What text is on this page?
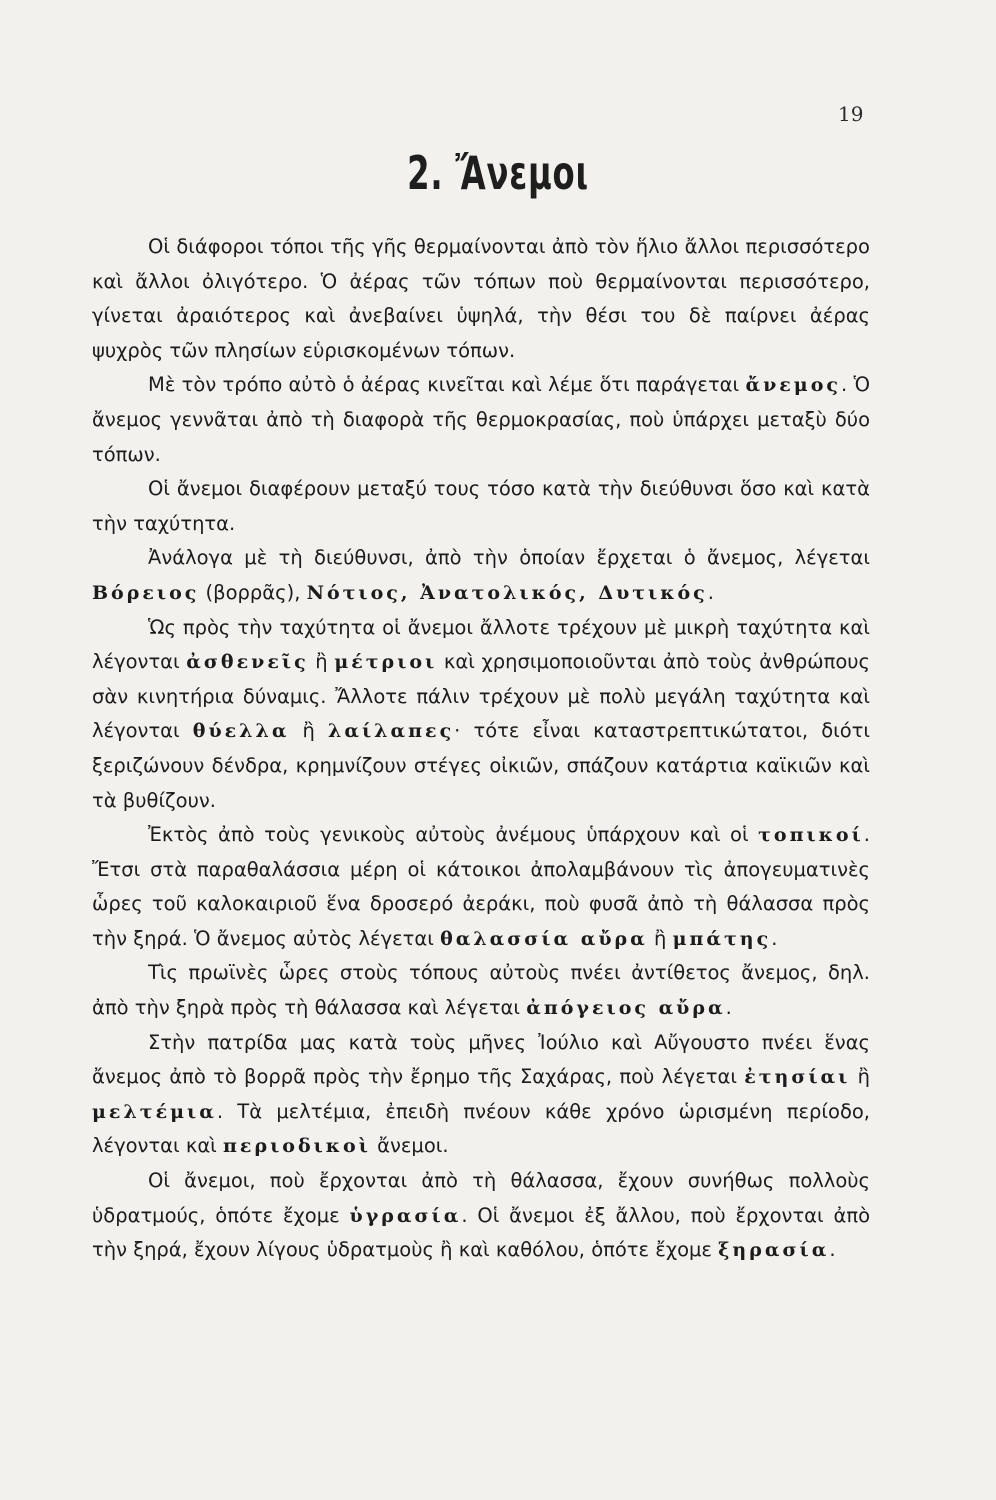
19
2. Ἄνεμοι

Οἱ διάφοροι τόποι τῆς γῆς θερμαίνονται ἀπὸ τὸν ἥλιο ἄλλοι περισσότερο καὶ ἄλλοι ὀλιγότερο. Ὁ ἀέρας τῶν τόπων ποὺ θερμαίνονται περισσότερο, γίνεται ἀραιότερος καὶ ἀνεβαίνει ὑψηλά, τὴν θέσι του δὲ παίρνει ἀέρας ψυχρὸς τῶν πλησίων εὑρισκομένων τόπων.

Μὲ τὸν τρόπο αὐτὸ ὁ ἀέρας κινεῖται καὶ λέμε ὅτι παράγεται ἄνεμος. Ὁ ἄνεμος γεννᾶται ἀπὸ τὴ διαφορὰ τῆς θερμοκρασίας, ποὺ ὑπάρχει μεταξὺ δύο τόπων.

Οἱ ἄνεμοι διαφέρουν μεταξύ τους τόσο κατὰ τὴν διεύθυνσι ὅσο καὶ κατὰ τὴν ταχύτητα.

Ἀνάλογα μὲ τὴ διεύθυνσι, ἀπὸ τὴν ὁποίαν ἔρχεται ὁ ἄνεμος, λέγεται Βόρειος (βορρᾶς), Νότιος, Ἀνατολικός, Δυτικός.

Ὡς πρὸς τὴν ταχύτητα οἱ ἄνεμοι ἄλλοτε τρέχουν μὲ μικρὴ ταχύτητα καὶ λέγονται ἀσθενεῖς ἢ μέτριοι καὶ χρησιμοποιοῦνται ἀπὸ τοὺς ἀνθρώπους σὰν κινητήρια δύναμις. Ἄλλοτε πάλιν τρέχουν μὲ πολὺ μεγάλη ταχύτητα καὶ λέγονται θύελλα ἢ λαίλαπες· τότε εἶναι καταστρεπτικώτατοι, διότι ξεριζώνουν δένδρα, κρημνίζουν στέγες οἰκιῶν, σπάζουν κατάρτια καϊκιῶν καὶ τὰ βυθίζουν.

Ἐκτὸς ἀπὸ τοὺς γενικοὺς αὐτοὺς ἀνέμους ὑπάρχουν καὶ οἱ τοπικοί. Ἔτσι στὰ παραθαλάσσια μέρη οἱ κάτοικοι ἀπολαμβάνουν τὶς ἀπογευματινὲς ὧρες τοῦ καλοκαιριοῦ ἕνα δροσερό ἀεράκι, ποὺ φυσᾶ ἀπὸ τὴ θάλασσα πρὸς τὴν ξηρά. Ὁ ἄνεμος αὐτὸς λέγεται θαλασσία αὔρα ἢ μπάτης.

Τὶς πρωϊνὲς ὧρες στοὺς τόπους αὐτοὺς πνέει ἀντίθετος ἄνεμος, δηλ. ἀπὸ τὴν ξηρὰ πρὸς τὴ θάλασσα καὶ λέγεται ἀπόγειος αὔρα.

Στὴν πατρίδα μας κατὰ τοὺς μῆνες Ἰούλιο καὶ Αὔγουστο πνέει ἕνας ἄνεμος ἀπὸ τὸ βορρᾶ πρὸς τὴν ἔρημο τῆς Σαχάρας, ποὺ λέγεται ἐτησίαι ἢ μελτέμια. Τὰ μελτέμια, ἐπειδὴ πνέουν κάθε χρόνο ὡρισμένη περίοδο, λέγονται καὶ περιοδικοὶ ἄνεμοι.

Οἱ ἄνεμοι, ποὺ ἔρχονται ἀπὸ τὴ θάλασσα, ἔχουν συνήθως πολλοὺς ὑδρατμούς, ὁπότε ἔχομε ὑγρασία. Οἱ ἄνεμοι ἐξ ἄλλου, ποὺ ἔρχονται ἀπὸ τὴν ξηρά, ἔχουν λίγους ὑδρατμοὺς ἢ καὶ καθόλου, ὁπότε ἔχομε ξηρασία.
